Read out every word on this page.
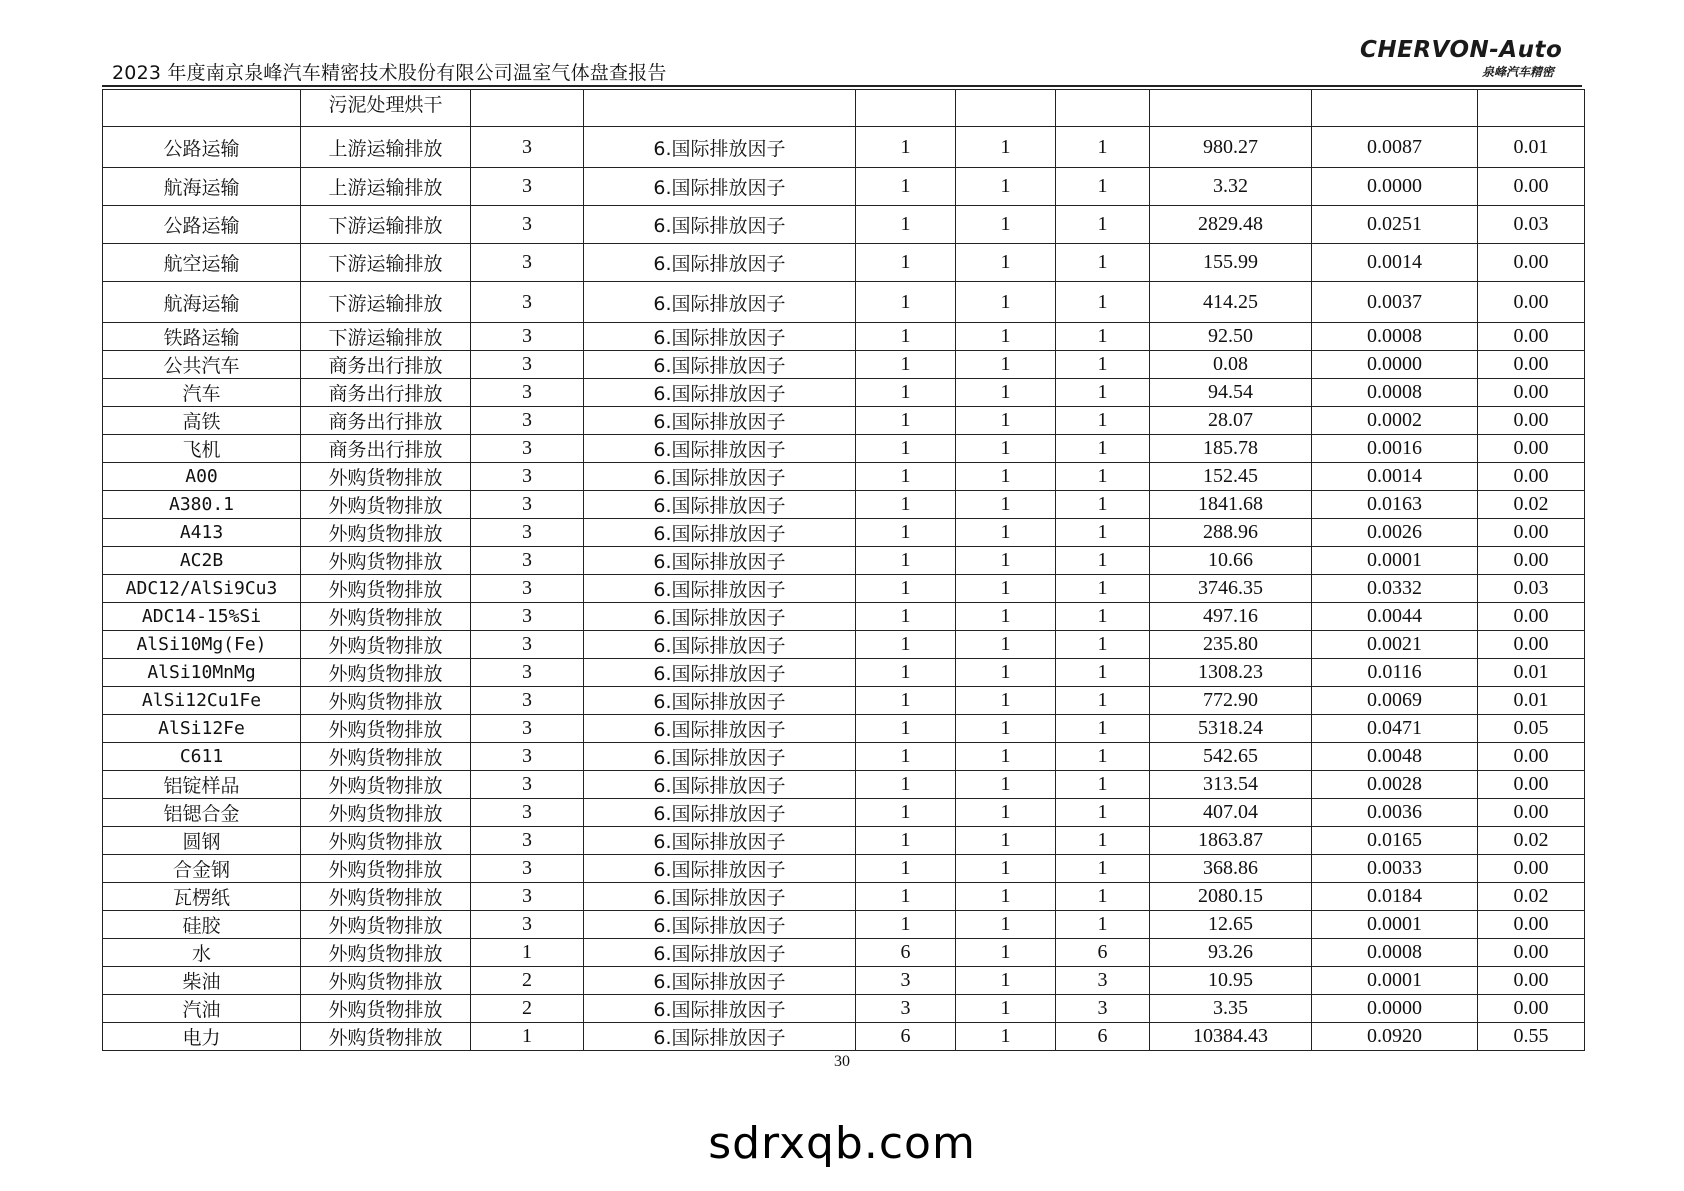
2023 年度南京泉峰汽车精密技术股份有限公司温室气体盘查报告
CHERVON-Auto
泉峰汽车精密
	污泥处理烘干								
公路运输	上游运输排放	3	6.国际排放因子	1	1	1	980.27	0.0087	0.01
航海运输	上游运输排放	3	6.国际排放因子	1	1	1	3.32	0.0000	0.00
公路运输	下游运输排放	3	6.国际排放因子	1	1	1	2829.48	0.0251	0.03
航空运输	下游运输排放	3	6.国际排放因子	1	1	1	155.99	0.0014	0.00
航海运输	下游运输排放	3	6.国际排放因子	1	1	1	414.25	0.0037	0.00
铁路运输	下游运输排放	3	6.国际排放因子	1	1	1	92.50	0.0008	0.00
公共汽车	商务出行排放	3	6.国际排放因子	1	1	1	0.08	0.0000	0.00
汽车	商务出行排放	3	6.国际排放因子	1	1	1	94.54	0.0008	0.00
高铁	商务出行排放	3	6.国际排放因子	1	1	1	28.07	0.0002	0.00
飞机	商务出行排放	3	6.国际排放因子	1	1	1	185.78	0.0016	0.00
A00	外购货物排放	3	6.国际排放因子	1	1	1	152.45	0.0014	0.00
A380.1	外购货物排放	3	6.国际排放因子	1	1	1	1841.68	0.0163	0.02
A413	外购货物排放	3	6.国际排放因子	1	1	1	288.96	0.0026	0.00
AC2B	外购货物排放	3	6.国际排放因子	1	1	1	10.66	0.0001	0.00
ADC12/AlSi9Cu3	外购货物排放	3	6.国际排放因子	1	1	1	3746.35	0.0332	0.03
ADC14-15%Si	外购货物排放	3	6.国际排放因子	1	1	1	497.16	0.0044	0.00
AlSi10Mg(Fe)	外购货物排放	3	6.国际排放因子	1	1	1	235.80	0.0021	0.00
AlSi10MnMg	外购货物排放	3	6.国际排放因子	1	1	1	1308.23	0.0116	0.01
AlSi12Cu1Fe	外购货物排放	3	6.国际排放因子	1	1	1	772.90	0.0069	0.01
AlSi12Fe	外购货物排放	3	6.国际排放因子	1	1	1	5318.24	0.0471	0.05
C611	外购货物排放	3	6.国际排放因子	1	1	1	542.65	0.0048	0.00
铝锭样品	外购货物排放	3	6.国际排放因子	1	1	1	313.54	0.0028	0.00
铝锶合金	外购货物排放	3	6.国际排放因子	1	1	1	407.04	0.0036	0.00
圆钢	外购货物排放	3	6.国际排放因子	1	1	1	1863.87	0.0165	0.02
合金钢	外购货物排放	3	6.国际排放因子	1	1	1	368.86	0.0033	0.00
瓦楞纸	外购货物排放	3	6.国际排放因子	1	1	1	2080.15	0.0184	0.02
硅胶	外购货物排放	3	6.国际排放因子	1	1	1	12.65	0.0001	0.00
水	外购货物排放	1	6.国际排放因子	6	1	6	93.26	0.0008	0.00
柴油	外购货物排放	2	6.国际排放因子	3	1	3	10.95	0.0001	0.00
汽油	外购货物排放	2	6.国际排放因子	3	1	3	3.35	0.0000	0.00
电力	外购货物排放	1	6.国际排放因子	6	1	6	10384.43	0.0920	0.55
30
sdrxqb.com
